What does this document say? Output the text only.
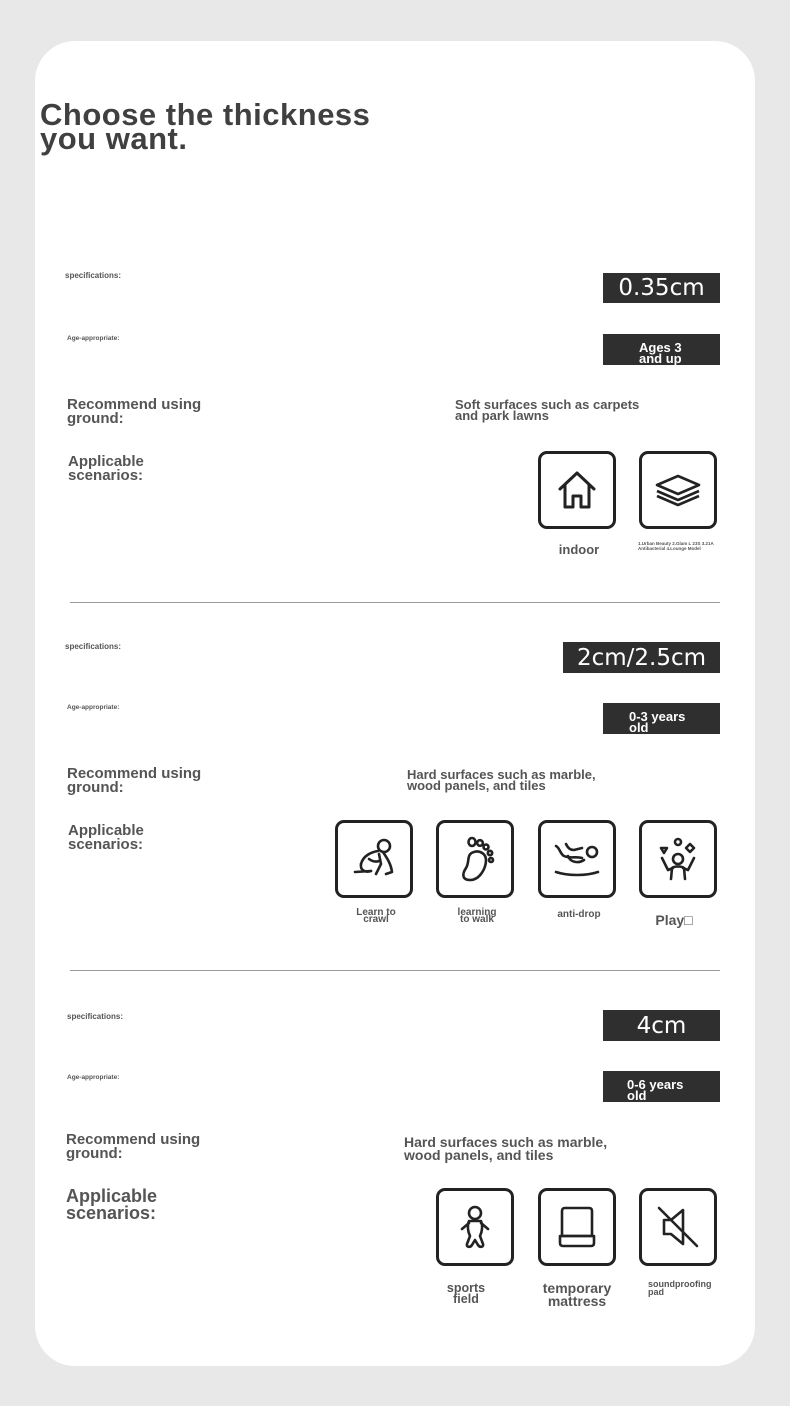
Choose the thickness
you want.
specifications:	0.35cm
Age-appropriate:
Ages 3
and up
Recommend using
ground:
Soft surfaces such as carpets
and park lawns
Applicable
scenarios:
indoor	1.Urban Beauty 2.Glam L 23S 3.21A Antibacterial 4.Lounge Model
specifications:	2cm/2.5cm
Age-appropriate:
0-3 years
old
Recommend using
ground:
Hard surfaces such as marble,
wood panels, and tiles
Applicable
scenarios:
Learn to
crawl
learning
to walk	anti-drop	Play□
specifications:	4cm
Age-appropriate:	0-6 years
old
Recommend using
ground:
Hard surfaces such as marble,
wood panels, and tiles
Applicable
scenarios:
sports
field
temporary
mattress
soundproofing
pad
